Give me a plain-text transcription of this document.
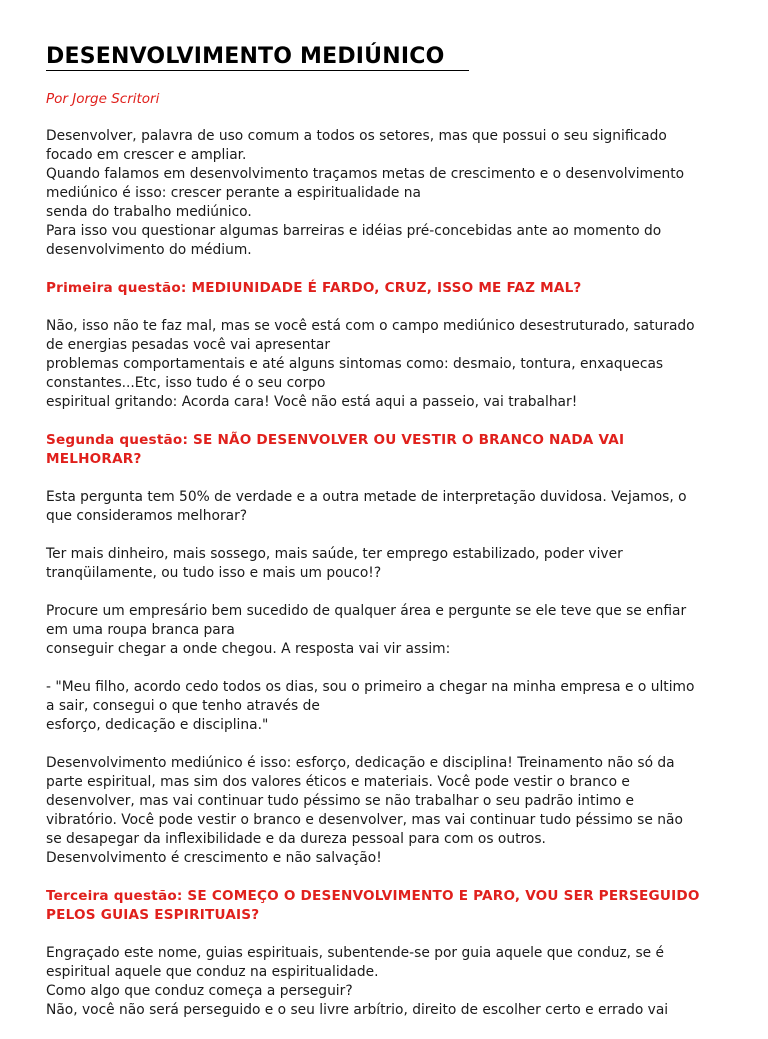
DESENVOLVIMENTO MEDIÚNICO
Por Jorge Scritori

Desenvolver, palavra de uso comum a todos os setores, mas que possui o seu significado

focado em crescer e ampliar.

Quando falamos em desenvolvimento traçamos metas de crescimento e o desenvolvimento

mediúnico é isso: crescer perante a espiritualidade na

senda do trabalho mediúnico.

Para isso vou questionar algumas barreiras e idéias pré-concebidas ante ao momento do

desenvolvimento do médium.

Primeira questão: MEDIUNIDADE É FARDO, CRUZ, ISSO ME FAZ MAL?

Não, isso não te faz mal, mas se você está com o campo mediúnico desestruturado, saturado

de energias pesadas você vai apresentar

problemas comportamentais e até alguns sintomas como: desmaio, tontura, enxaquecas

constantes...Etc, isso tudo é o seu corpo

espiritual gritando: Acorda cara! Você não está aqui a passeio, vai trabalhar!

Segunda questão: SE NÃO DESENVOLVER OU VESTIR O BRANCO NADA VAI
MELHORAR?

Esta pergunta tem 50% de verdade e a outra metade de interpretação duvidosa. Vejamos, o

que consideramos melhorar?

Ter mais dinheiro, mais sossego, mais saúde, ter emprego estabilizado, poder viver

tranqüilamente, ou tudo isso e mais um pouco!?

Procure um empresário bem sucedido de qualquer área e pergunte se ele teve que se enfiar

em uma roupa branca para

conseguir chegar a onde chegou. A resposta vai vir assim:

- "Meu filho, acordo cedo todos os dias, sou o primeiro a chegar na minha empresa e o ultimo

a sair, consegui o que tenho através de

esforço, dedicação e disciplina."

Desenvolvimento mediúnico é isso: esforço, dedicação e disciplina! Treinamento não só da

parte espiritual, mas sim dos valores éticos e materiais. Você pode vestir o branco e

desenvolver, mas vai continuar tudo péssimo se não trabalhar o seu padrão intimo e

vibratório. Você pode vestir o branco e desenvolver, mas vai continuar tudo péssimo se não

se desapegar da inflexibilidade e da dureza pessoal para com os outros.

Desenvolvimento é crescimento e não salvação!

Terceira questão: SE COMEÇO O DESENVOLVIMENTO E PARO, VOU SER PERSEGUIDO
PELOS GUIAS ESPIRITUAIS?

Engraçado este nome, guias espirituais, subentende-se por guia aquele que conduz, se é

espiritual aquele que conduz na espiritualidade.

Como algo que conduz começa a perseguir?

Não, você não será perseguido e o seu livre arbítrio, direito de escolher certo e errado vai
